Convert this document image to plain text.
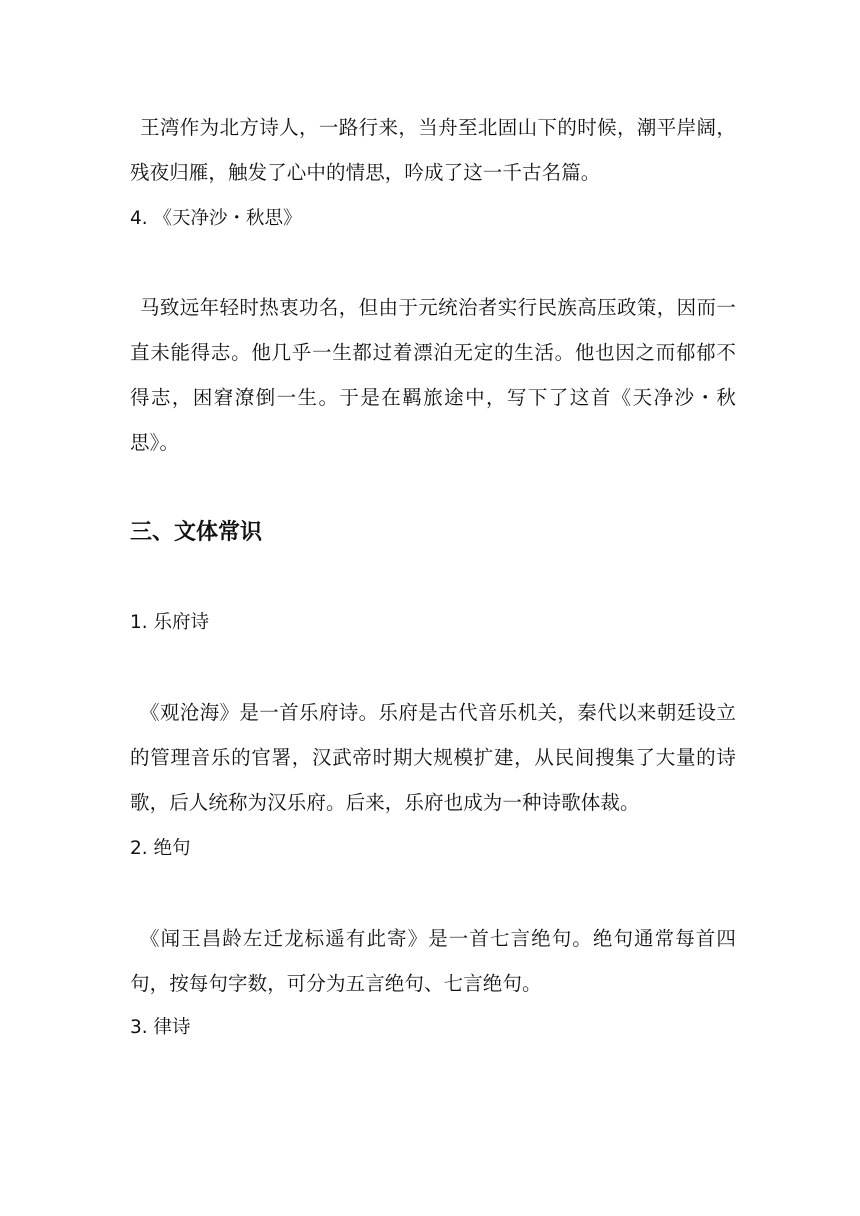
王湾作为北方诗人，一路行来，当舟至北固山下的时候，潮平岸阔，残夜归雁，触发了心中的情思，吟成了这一千古名篇。

4. 《天净沙・秋思》

马致远年轻时热衷功名，但由于元统治者实行民族高压政策，因而一直未能得志。他几乎一生都过着漂泊无定的生活。他也因之而郁郁不得志，困窘潦倒一生。于是在羁旅途中，写下了这首《天净沙・秋思》。

三、文体常识

1. 乐府诗

《观沧海》是一首乐府诗。乐府是古代音乐机关，秦代以来朝廷设立的管理音乐的官署，汉武帝时期大规模扩建，从民间搜集了大量的诗歌，后人统称为汉乐府。后来，乐府也成为一种诗歌体裁。

2. 绝句

《闻王昌龄左迁龙标遥有此寄》是一首七言绝句。绝句通常每首四句，按每句字数，可分为五言绝句、七言绝句。

3. 律诗
